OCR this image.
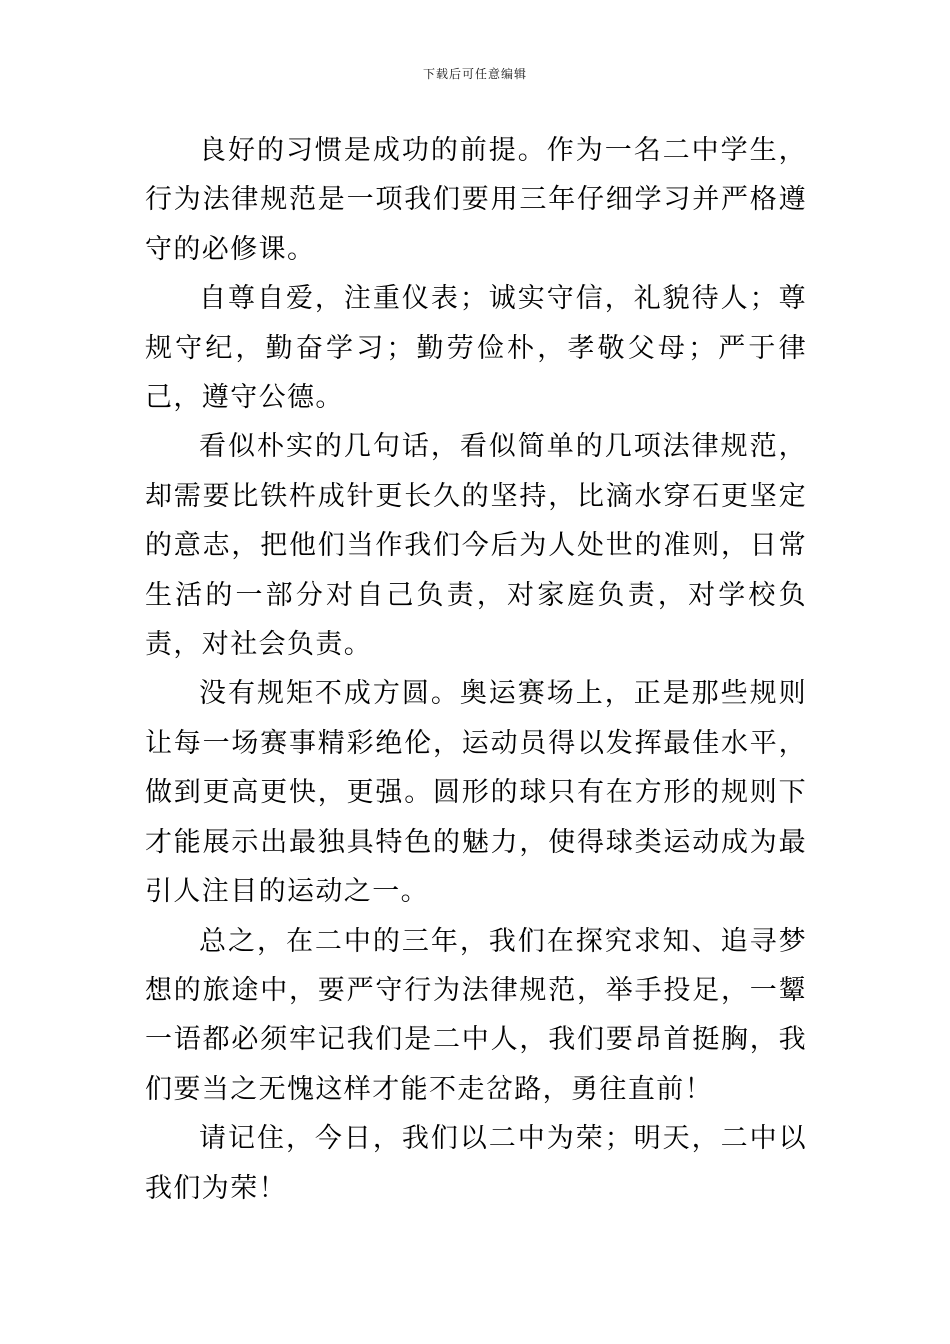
下载后可任意编辑

良好的习惯是成功的前提。作为一名二中学生，行为法律规范是一项我们要用三年仔细学习并严格遵守的必修课。

自尊自爱，注重仪表；诚实守信，礼貌待人；尊规守纪，勤奋学习；勤劳俭朴，孝敬父母；严于律己，遵守公德。

看似朴实的几句话，看似简单的几项法律规范，却需要比铁杵成针更长久的坚持，比滴水穿石更坚定的意志，把他们当作我们今后为人处世的准则，日常生活的一部分对自己负责，对家庭负责，对学校负责，对社会负责。

没有规矩不成方圆。奥运赛场上，正是那些规则让每一场赛事精彩绝伦，运动员得以发挥最佳水平，做到更高更快，更强。圆形的球只有在方形的规则下才能展示出最独具特色的魅力，使得球类运动成为最引人注目的运动之一。

总之，在二中的三年，我们在探究求知、追寻梦想的旅途中，要严守行为法律规范，举手投足，一颦一语都必须牢记我们是二中人，我们要昂首挺胸，我们要当之无愧这样才能不走岔路，勇往直前！

请记住，今日，我们以二中为荣；明天，二中以我们为荣！
